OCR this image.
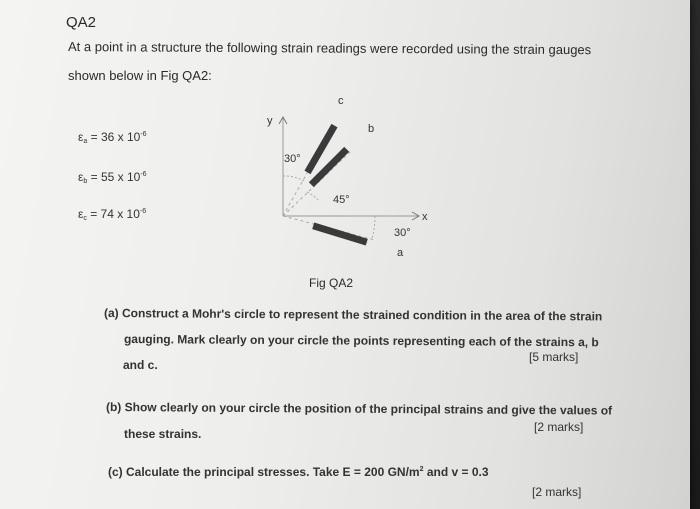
QA2
At a point in a structure the following strain readings were recorded using the strain gauges
shown below in Fig QA2:
$\varepsilon_a = 36$ x $10^{-6}$
$\varepsilon_b = 55$ x $10^{-6}$
$\varepsilon_c = 74$ x $10^{-6}$
y
x
c
b
a
30°
45°
30°
Fig QA2
(a) Construct a Mohr's circle to represent the strained condition in the area of the strain
gauging. Mark clearly on your circle the points representing each of the strains a, b
and c.
[5 marks]
(b) Show clearly on your circle the position of the principal strains and give the values of
these strains.	[2 marks]
(c) Calculate the principal stresses. Take E = 200 $GN/m^2$ and v = 0.3
[2 marks]
